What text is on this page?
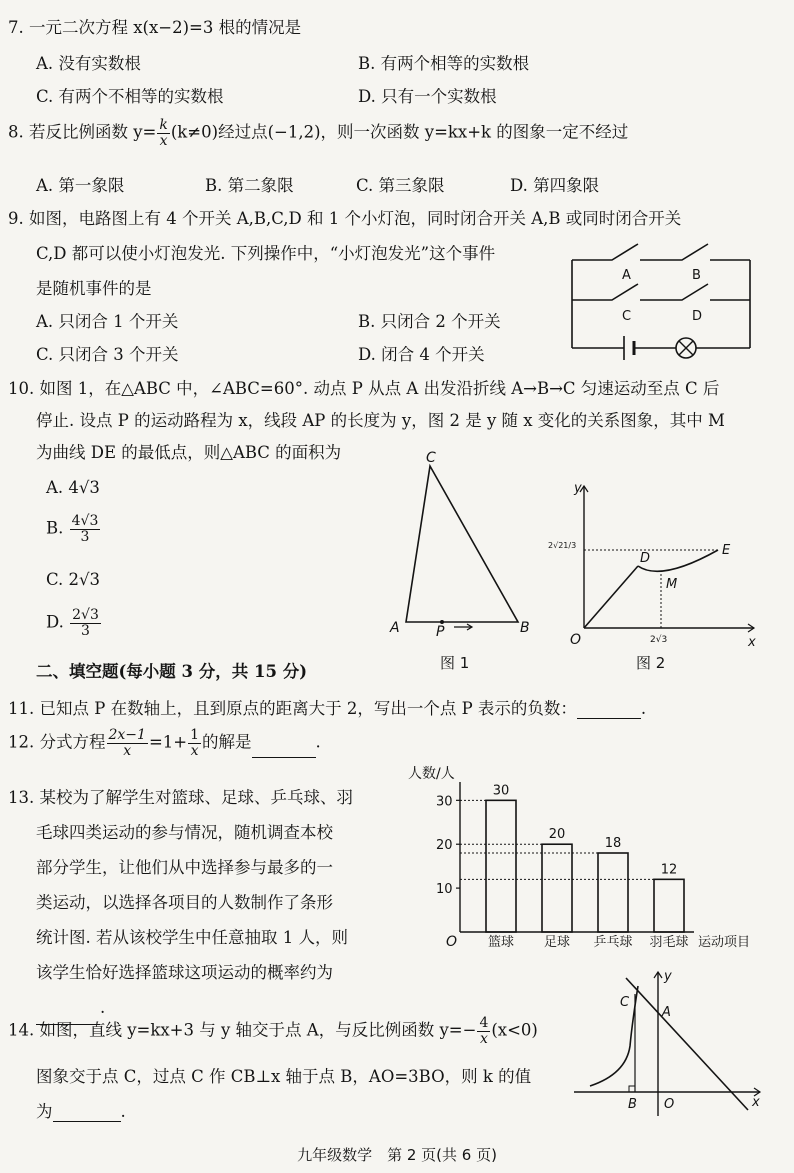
7. 一元二次方程 x(x−2)=3 根的情况是
A. 没有实数根	B. 有两个相等的实数根
C. 有两个不相等的实数根	D. 只有一个实数根
8. 若反比例函数 $y= \frac{k}{x} (k\ne 0)$经过点(−1,2)，则一次函数 y=kx+k 的图象一定不经过
A. 第一象限	B. 第二象限	C. 第三象限	D. 第四象限
9. 如图，电路图上有 4 个开关 A,B,C,D 和 1 个小灯泡，同时闭合开关 A,B 或同时闭合开关
C,D 都可以使小灯泡发光. 下列操作中，“小灯泡发光”这个事件
是随机事件的是
A. 只闭合 1 个开关	B. 只闭合 2 个开关
C. 只闭合 3 个开关	D. 闭合 4 个开关
A	B
C	D
10. 如图 1，在△ABC 中，∠ABC=60°. 动点 P 从点 A 出发沿折线 A→B→C 匀速运动至点 C 后
停止. 设点 P 的运动路程为 x，线段 AP 的长度为 y，图 2 是 y 随 x 变化的关系图象，其中 M
为曲线 DE 的最低点，则△ABC 的面积为
A. 4√3
B. $\frac{4√3}{3}$
C. 2√3
D. $\frac{2√3}{3}$
C
A	P	B
图 1
y
x
O
D
E
M
2√21/3
2√3
图 2
二、填空题(每小题 3 分，共 15 分)
11. 已知点 P 在数轴上，且到原点的距离大于 2，写出一个点 P 表示的负数：	.
12. 分式方程 $\frac{2x-1}{x} =1+ \frac{1}{x}$ 的解是	.
13. 某校为了解学生对篮球、足球、乒乓球、羽
毛球四类运动的参与情况，随机调查本校
部分学生，让他们从中选择参与最多的一
类运动，以选择各项目的人数制作了条形
统计图. 若从该校学生中任意抽取 1 人，则
该学生恰好选择篮球这项运动的概率约为
.
人数/人
运动项目
O
10
20
30
30
篮球
20
足球
18
乒乓球
12
羽毛球
14. 如图，直线 y=kx+3 与 y 轴交于点 A，与反比例函数 $y=- \frac{4}{x} (x<0)$
图象交于点 C，过点 C 作 CB⊥x 轴于点 B，AO=3BO，则 k 的值
为	.
C
A
B O	x
y
九年级数学　第 2 页(共 6 页)
